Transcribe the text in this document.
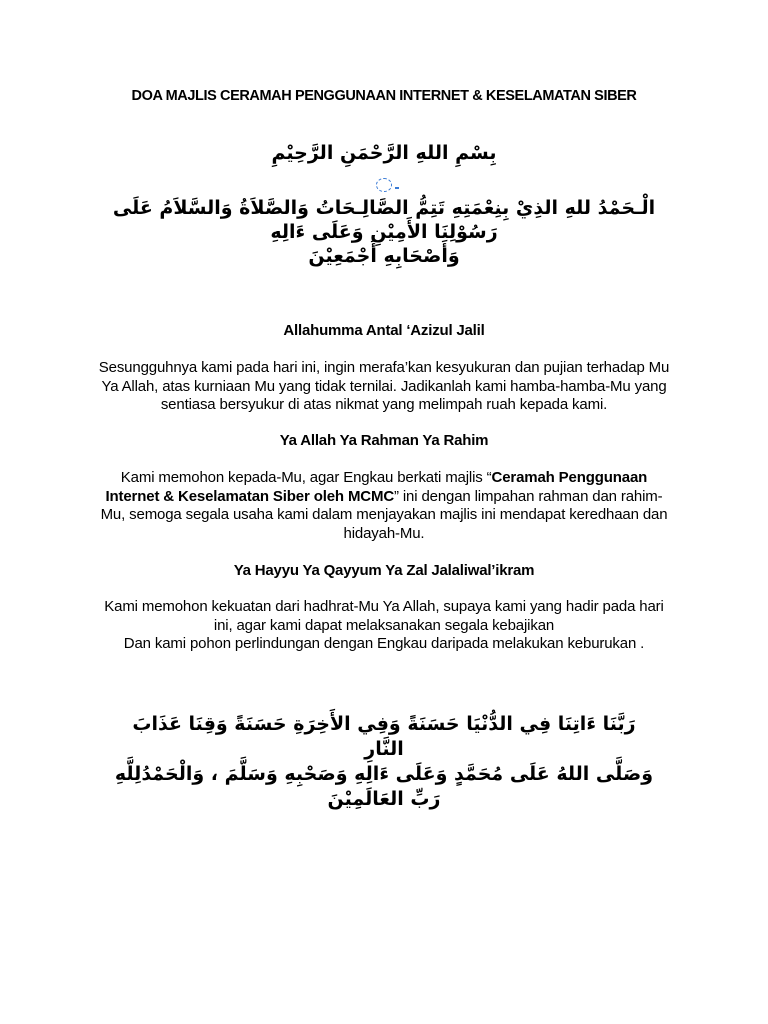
DOA MAJLIS CERAMAH PENGGUNAAN INTERNET & KESELAMATAN SIBER
بِسْمِ اللهِ الرَّحْمَنِ الرَّحِيْمِ
الْـحَمْدُ للهِ الذِيْ بِنِعْمَتِهِ تَتِمُّ الصَّالِـحَاتُ وَالصَّلاَةُ وَالسَّلاَمُ عَلَى
رَسُوْلِنَا الأَمِيْنِ وَعَلَى ءَالِهِ
وَأَصْحَابِهِ أَجْمَعِيْنَ
Allahumma Antal ‘Azizul Jalil
Sesungguhnya kami pada hari ini, ingin merafa’kan kesyukuran dan pujian terhadap Mu
Ya Allah, atas kurniaan Mu yang tidak ternilai. Jadikanlah kami hamba-hamba-Mu yang
sentiasa bersyukur di atas nikmat yang melimpah ruah kepada kami.
Ya Allah Ya Rahman Ya Rahim
Kami memohon kepada-Mu, agar Engkau berkati majlis “Ceramah Penggunaan
Internet & Keselamatan Siber oleh MCMC” ini dengan limpahan rahman dan rahim-
Mu, semoga segala usaha kami dalam menjayakan majlis ini mendapat keredhaan dan
hidayah-Mu.
Ya Hayyu Ya Qayyum Ya Zal Jalaliwal’ikram
Kami memohon kekuatan dari hadhrat-Mu Ya Allah, supaya kami yang hadir pada hari
ini, agar kami dapat melaksanakan segala kebajikan
Dan kami pohon perlindungan dengan Engkau daripada melakukan keburukan .
رَبَّنَا ءَاتِنَا فِي الدُّنْيَا حَسَنَةً وَفِي الأَخِرَةِ حَسَنَةً وَقِنَا عَذَابَ
النَّارِ
وَصَلَّى اللهُ عَلَى مُحَمَّدٍ وَعَلَى ءَالِهِ وَصَحْبِهِ وَسَلَّمَ ، وَالْحَمْدُلِلَّهِ
رَبِّ العَالَمِيْنَ
